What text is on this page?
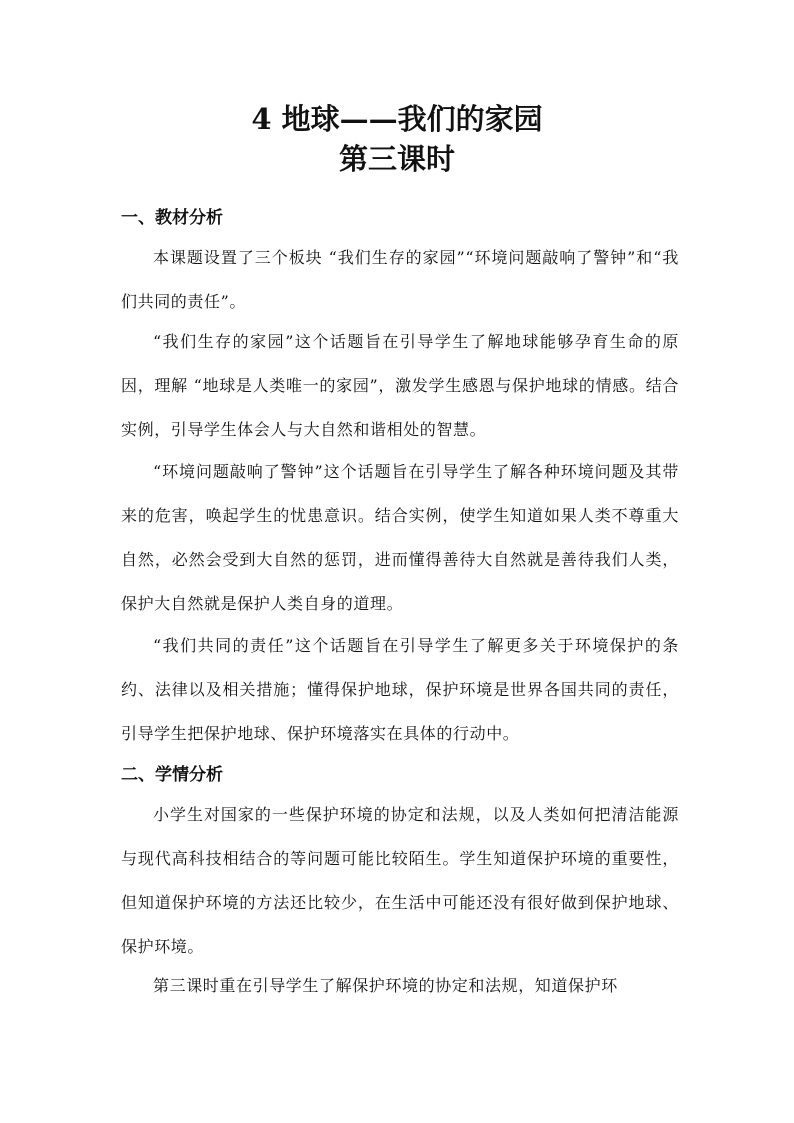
4 地球——我们的家园
第三课时
一、教材分析
本课题设置了三个板块 “我们生存的家园”“环境问题敲响了警钟”和“我们共同的责任”。
“我们生存的家园”这个话题旨在引导学生了解地球能够孕育生命的原因，理解 “地球是人类唯一的家园”，激发学生感恩与保护地球的情感。结合实例，引导学生体会人与大自然和谐相处的智慧。
“环境问题敲响了警钟”这个话题旨在引导学生了解各种环境问题及其带来的危害，唤起学生的忧患意识。结合实例，使学生知道如果人类不尊重大自然，必然会受到大自然的惩罚，进而懂得善待大自然就是善待我们人类，保护大自然就是保护人类自身的道理。
“我们共同的责任”这个话题旨在引导学生了解更多关于环境保护的条约、法律以及相关措施；懂得保护地球，保护环境是世界各国共同的责任，引导学生把保护地球、保护环境落实在具体的行动中。
二、学情分析
小学生对国家的一些保护环境的协定和法规，以及人类如何把清洁能源与现代高科技相结合的等问题可能比较陌生。学生知道保护环境的重要性，但知道保护环境的方法还比较少，在生活中可能还没有很好做到保护地球、保护环境。
第三课时重在引导学生了解保护环境的协定和法规，知道保护环
